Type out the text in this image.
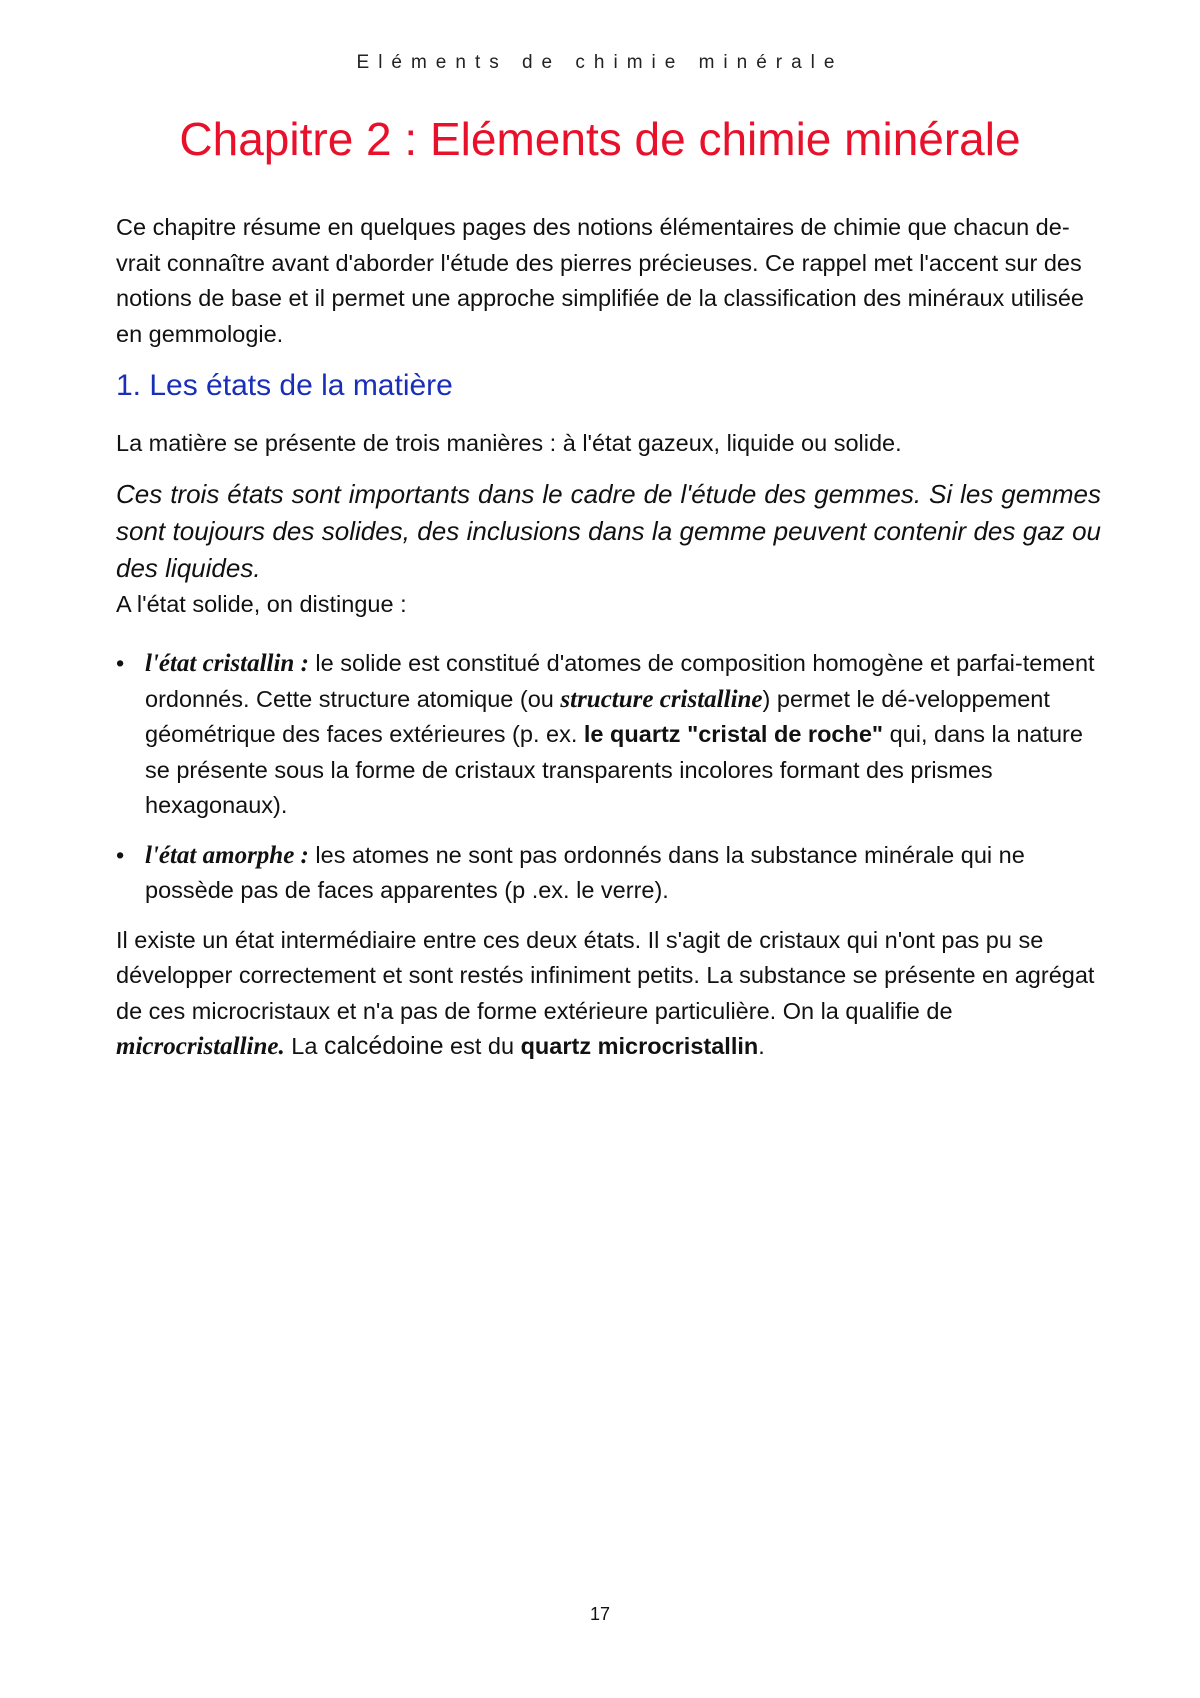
Eléments de chimie minérale
Chapitre 2 : Eléments de chimie minérale

Ce chapitre résume en quelques pages des notions élémentaires de chimie que chacun de-vrait connaître avant d'aborder l'étude des pierres précieuses. Ce rappel met l'accent sur des notions de base et il permet une approche simplifiée de la classification des minéraux utilisée en gemmologie.

1. Les états de la matière

La matière se présente de trois manières : à l'état gazeux, liquide ou solide.

Ces trois états sont importants dans le cadre de l'étude des gemmes. Si les gemmes sont toujours des solides, des inclusions dans la gemme peuvent contenir des gaz ou des liquides.

A l'état solide, on distingue :

• l'état cristallin : le solide est constitué d'atomes de composition homogène et parfai-tement ordonnés. Cette structure atomique (ou structure cristalline) permet le dé-veloppement géométrique des faces extérieures (p. ex. le quartz "cristal de roche" qui, dans la nature se présente sous la forme de cristaux transparents incolores formant des prismes hexagonaux).
• l'état amorphe : les atomes ne sont pas ordonnés dans la substance minérale qui ne possède pas de faces apparentes (p .ex. le verre).

Il existe un état intermédiaire entre ces deux états. Il s'agit de cristaux qui n'ont pas pu se développer correctement et sont restés infiniment petits. La substance se présente en agrégat de ces microcristaux et n'a pas de forme extérieure particulière. On la qualifie de microcristalline. La calcédoine est du quartz microcristallin.

17
